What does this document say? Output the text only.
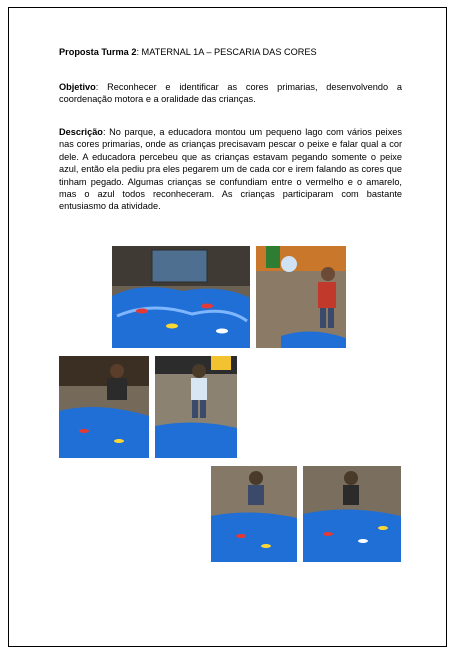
Proposta Turma 2: MATERNAL 1A – PESCARIA DAS CORES
Objetivo: Reconhecer e identificar as cores primarias, desenvolvendo a coordenação motora e a oralidade das crianças.
Descrição: No parque, a educadora montou um pequeno lago com vários peixes nas cores primarias, onde as crianças precisavam pescar o peixe e falar qual a cor dele. A educadora percebeu que as crianças estavam pegando somente o peixe azul, então ela pediu pra eles pegarem um de cada cor e irem falando as cores que tinham pegado. Algumas crianças se confundiam entre o vermelho e o amarelo, mas o azul todos reconheceram. As crianças participaram com bastante entusiasmo da atividade.
